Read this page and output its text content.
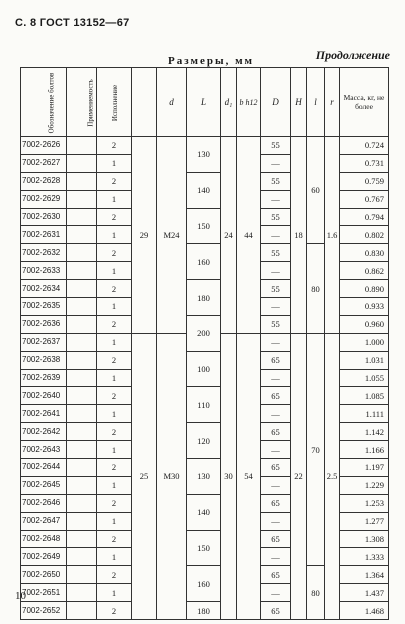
С. 8 ГОСТ 13152—67
Размеры, мм	Продолжение
Обозначение болтов	Применяемость	Исполнение		d	L	d₁	b h12	D	H	l	r	Масса, кг, не более
7002-2626		2	29	M24	130	24	44	55	18	60	1.6	0.724
7002-2627		1						—				0.731
7002-2628		2			140			55				0.759
7002-2629		1						—				0.767
7002-2630		2			150			55				0.794
7002-2631		1						—				0.802
7002-2632		2			160			55		80		0.830
7002-2633		1						—				0.862
7002-2634		2			180			55				0.890
7002-2635		1						—				0.933
7002-2636		2			200			55				0.960
7002-2637		1	25	M30		30	54	—	22	70	2.5	1.000
7002-2638		2			100			65				1.031
7002-2639		1						—				1.055
7002-2640		2			110			65				1.085
7002-2641		1						—				1.111
7002-2642		2			120			65				1.142
7002-2643		1						—				1.166
7002-2644		2			130			65				1.197
7002-2645		1						—				1.229
7002-2646		2			140			65				1.253
7002-2647		1						—				1.277
7002-2648		2			150			65				1.308
7002-2649		1						—				1.333
7002-2650		2			160			65		80		1.364
7002-2651		1						—				1.437
7002-2652		2			180			65				1.468
10
